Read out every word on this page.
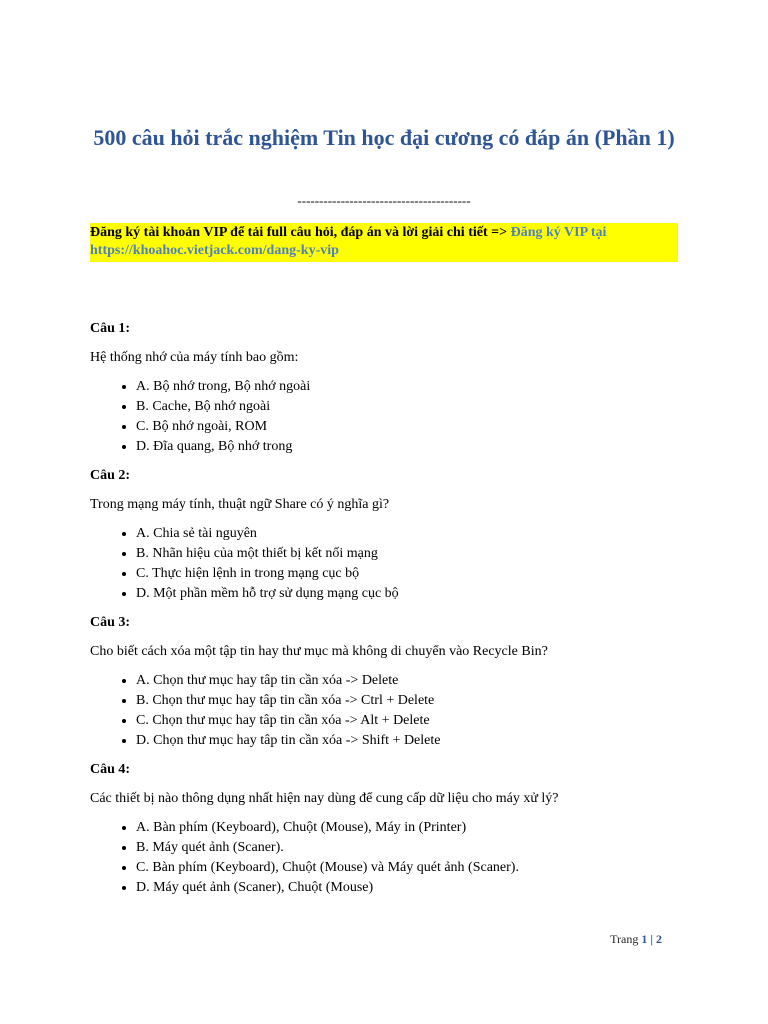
500 câu hỏi trắc nghiệm Tin học đại cương có đáp án (Phần 1)

----------------------------------------

Đăng ký tài khoản VIP để tải full câu hỏi, đáp án và lời giải chi tiết => Đăng ký VIP tại https://khoahoc.vietjack.com/dang-ky-vip

Câu 1:

Hệ thống nhớ của máy tính bao gồm:

• A. Bộ nhớ trong, Bộ nhớ ngoài
• B. Cache, Bộ nhớ ngoài
• C. Bộ nhớ ngoài, ROM
• D. Đĩa quang, Bộ nhớ trong

Câu 2:

Trong mạng máy tính, thuật ngữ Share có ý nghĩa gì?

• A. Chia sẻ tài nguyên
• B. Nhãn hiệu của một thiết bị kết nối mạng
• C. Thực hiện lệnh in trong mạng cục bộ
• D. Một phần mềm hỗ trợ sử dụng mạng cục bộ

Câu 3:

Cho biết cách xóa một tập tin hay thư mục mà không di chuyển vào Recycle Bin?

• A. Chọn thư mục hay tâp tin cần xóa -> Delete
• B. Chọn thư mục hay tâp tin cần xóa -> Ctrl + Delete
• C. Chọn thư mục hay tâp tin cần xóa -> Alt + Delete
• D. Chọn thư mục hay tâp tin cần xóa -> Shift + Delete

Câu 4:

Các thiết bị nào thông dụng nhất hiện nay dùng để cung cấp dữ liệu cho máy xử lý?

• A. Bàn phím (Keyboard), Chuột (Mouse), Máy in (Printer)
• B. Máy quét ảnh (Scaner).
• C. Bàn phím (Keyboard), Chuột (Mouse) và Máy quét ảnh (Scaner).
• D. Máy quét ảnh (Scaner), Chuột (Mouse)
Trang 1 | 2
